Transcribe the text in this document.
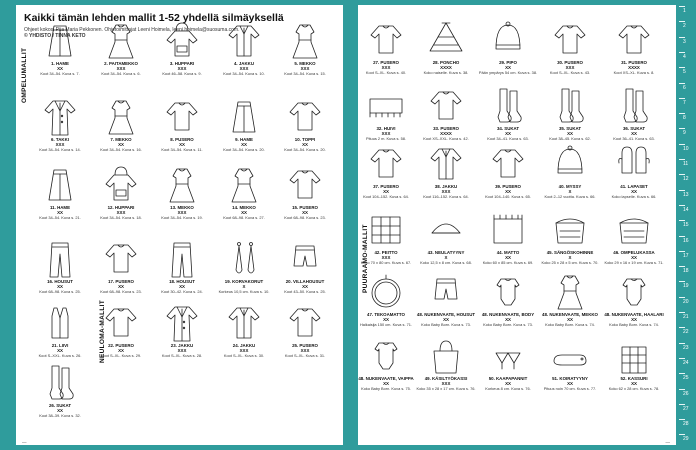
Kaikki tämän lehden mallit 1-52 yhdellä silmäyksellä
Ohjeet kokosi Piia Maria Pekkonen. Ohjetoimittajat Leeni Hoimela, leeni.hoimela@suosuma.com.
© YHDISTO / TINNA KETO
OMPELUMALLIT
NEULOMA-MALLIT
—
1. HAME
XX
Koot 34–54. Kuva s. 7.
2. PAITAMEKKO
XXX
Koot 34–54. Kuva s. 6.
3. HUPPARI
XXX
Koot 46–58. Kuva s. 9.
4. JAKKU
XXX
Koot 34–54. Kuva s. 10.
5. MEKKO
XXX
Koot 34–54. Kuva s. 15.
6. TAKKI
XXX
Koot 34–54. Kuva s. 14.
7. MEKKO
XX
Koot 34–54. Kuva s. 16.
8. PUSERO
XX
Koot 34–54. Kuva s. 11.
9. HAME
XX
Koot 34–54. Kuva s. 20.
10. TOPPI
XX
Koot 34–54. Kuva s. 20.
11. HAME
XX
Koot 34–54. Kuva s. 21.
12. HUPPARI
XXX
Koot 34–54. Kuva s. 18.
13. MEKKO
XXX
Koot 34–54. Kuva s. 19.
14. MEKKO
XX
Koot 68–98. Kuva s. 27.
15. PUSERO
XX
Koot 68–98. Kuva s. 23.
16. HOUSUT
XX
Koot 68–98. Kuva s. 25.
17. PUSERO
XX
Koot 68–98. Kuva s. 23.
18. HOUSUT
XX
Koot 30–42. Kuva s. 24.
19. KORVAKORUT
X
Korkeus 10,5 cm. Kuva s. 10.
20. VILLAHOUSUT
XX
Koot 43–50. Kuva s. 25.
21. LIIVI
XX
Koot S–XXL. Kuva s. 26.
22. PUSERO
XX
Koot S–XL. Kuva s. 29.
23. JAKKU
XXX
Koot S–XL. Kuva s. 28.
24. JAKKU
XXX
Koot S–XL. Kuva s. 30.
25. PUSERO
XXX
Koot S–XL. Kuva s. 31.
26. SUKAT
XX
Koot 38–39. Kuva s. 32.
PUURAAMO-MALLIT
—
27. PUSERO
XXX
Koot S–XL. Kuva s. 40.
28. PONCHO
XXXX
Koko naiselle. Kuva s. 38.
29. PIPO
XX
Pään ympärys 54 cm. Kuva s. 38.
30. PUSERO
XXX
Koot S–XL. Kuva s. 43.
31. PUSERO
XXXX
Koot XS–XL. Kuva s. 8.
32. HUIVI
XXX
Pituus 2 m. Kuva s. 58.
33. PUSERO
XXXX
Koot XS–XXL. Kuva s. 42.
34. SUKAT
XX
Koot 34–41. Kuva s. 63.
35. SUKAT
XX
Koot 38–45. Kuva s. 62.
36. SUKAT
XX
Koot 36–41. Kuva s. 63.
37. PUSERO
XX
Koot 104–152. Kuva s. 64.
38. JAKKU
XXX
Koot 116–152. Kuva s. 64.
39. PUSERO
XX
Koot 104–140. Kuva s. 65.
40. MYSSY
X
Koot 2–12 vuotta. Kuva s. 66.
41. LAPASET
XX
Koko lapselle. Kuva s. 66.
42. PEITTO
XXX
Koko 70 x 80 cm. Kuva s. 67.
43. NEULATYYNY
X
Koko 12,5 x 8 cm. Kuva s. 68.
44. MATTO
XX
Koko 60 x 85 cm. Kuva s. 69.
45. SÄNGÖSKOHINNE
X
Koko 25 x 28 x 5 cm. Kuva s. 70.
46. OMPELUKASSA
XX
Koko 29 x 16 x 19 cm. Kuva s. 71.
47. TEKOAMATTO
XX
Halkaisija 150 cm. Kuva s. 71.
48. NUKENVAATE, HOUSUT
XX
Koko Baby Born. Kuva s. 73.
48. NUKENVAATE, BODY
XX
Koko Baby Born. Kuva s. 73.
48. NUKENVAATE, MEKKO
XX
Koko Baby Born. Kuva s. 74.
48. NUKENVAATE, HAALARI
XX
Koko Baby Born. Kuva s. 74.
48. NUKENVAATE, VAIPPA
XX
Koko Baby Born. Kuva s. 75.
49. KÄSILTYÖKASSI
XXX
Koko 35 x 28 x 17 cm. Kuva s. 76.
50. KAAPAPANNIT
XX
Korkeus 8 cm. Kuva s. 76.
51. KOIRATYYNY
XX
Pituus noin 70 cm. Kuva s. 77.
52. KASSURI
XX
Koko 62 x 28 cm. Kuva s. 78.
Ohjeiden vaikeusaste: X = Aloittelijalle XX = Hieman harrastaneelle XXX = Kokeneelle tekijälle XXXX = Taitavalle	1
2
3
4
5
6
7
8
9
10
11
12
13
14
15
16
17
18
19
20
21
22
23
24
25
26
27
28
29
